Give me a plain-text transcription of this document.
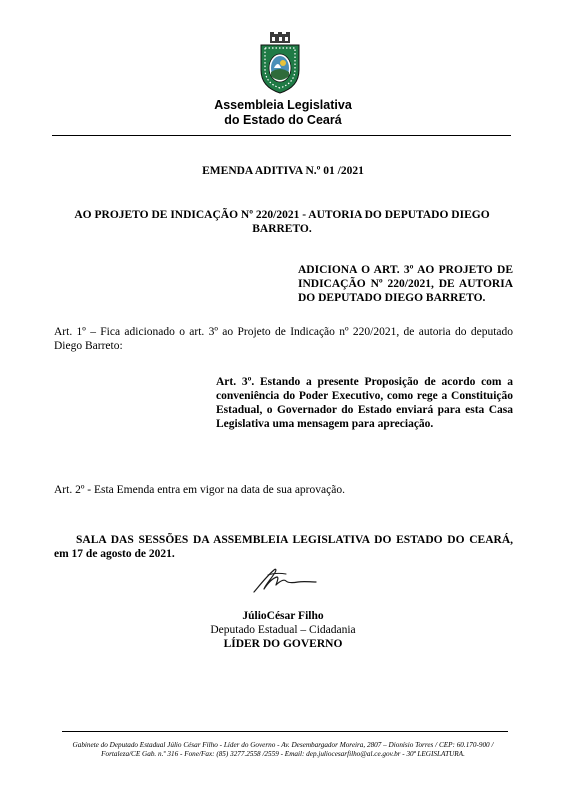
Assembleia Legislativa
do Estado do Ceará
EMENDA ADITIVA N.º 01 /2021
AO PROJETO DE INDICAÇÃO Nº 220/2021 - AUTORIA DO DEPUTADO DIEGO BARRETO.
ADICIONA O ART. 3º AO PROJETO DE INDICAÇÃO Nº 220/2021, DE AUTORIA DO DEPUTADO DIEGO BARRETO.
Art. 1º – Fica adicionado o art. 3º ao Projeto de Indicação nº 220/2021, de autoria do deputado Diego Barreto:
Art. 3º. Estando a presente Proposição de acordo com a conveniência do Poder Executivo, como rege a Constituição Estadual, o Governador do Estado enviará para esta Casa Legislativa uma mensagem para apreciação.
Art. 2º - Esta Emenda entra em vigor na data de sua aprovação.
SALA DAS SESSÕES DA ASSEMBLEIA LEGISLATIVA DO ESTADO DO CEARÁ, em 17 de agosto de 2021.
JúlioCésar Filho
Deputado Estadual – Cidadania
LÍDER DO GOVERNO
Gabinete do Deputado Estadual Júlio César Filho - Líder do Governo - Av. Desembargador Moreira, 2807 – Dionísio Torres / CEP: 60.170-900 /
Fortaleza/CE Gab. n.º 316 - Fone/Fax: (85) 3277.2558 /2559 - Email: dep.juliocesarfilho@al.ce.gov.br - 30ª LEGISLATURA.
